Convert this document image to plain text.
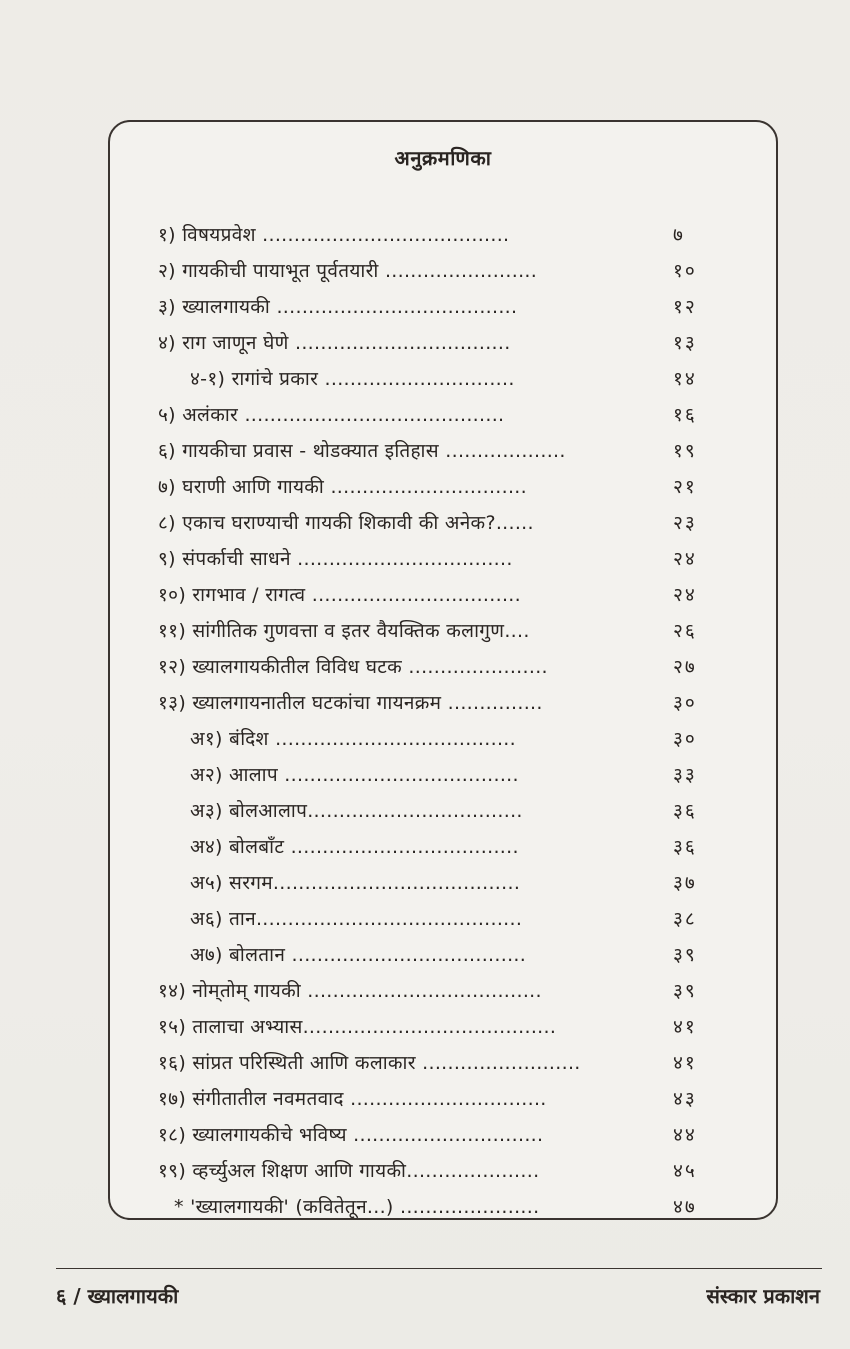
अनुक्रमणिका
१) विषयप्रवेश .......................................	७
२) गायकीची पायाभूत पूर्वतयारी ........................	१०
३) ख्यालगायकी ......................................	१२
४) राग जाणून घेणे ..................................	१३
४-१) रागांचे प्रकार ..............................	१४
५) अलंकार .........................................	१६
६) गायकीचा प्रवास - थोडक्यात इतिहास ...................	१९
७) घराणी आणि गायकी ...............................	२१
८) एकाच घराण्याची गायकी शिकावी की अनेक?......	२३
९) संपर्काची साधने ..................................	२४
१०) रागभाव / रागत्व .................................	२४
११) सांगीतिक गुणवत्ता व इतर वैयक्तिक कलागुण....	२६
१२) ख्यालगायकीतील विविध घटक ......................	२७
१३) ख्यालगायनातील घटकांचा गायनक्रम ...............	३०
अ१) बंदिश ......................................	३०
अ२) आलाप .....................................	३३
अ३) बोलआलाप..................................	३६
अ४) बोलबाँट ....................................	३६
अ५) सरगम.......................................	३७
अ६) तान..........................................	३८
अ७) बोलतान .....................................	३९
१४) नोम्‌तोम्‌ गायकी .....................................	३९
१५) तालाचा अभ्यास........................................	४१
१६) सांप्रत परिस्थिती आणि कलाकार .........................	४१
१७) संगीतातील नवमतवाद ...............................	४३
१८) ख्यालगायकीचे भविष्य ..............................	४४
१९) व्हर्च्युअल शिक्षण आणि गायकी.....................	४५
* 'ख्यालगायकी' (कवितेतून...) ......................	४७
६ / ख्यालगायकी	संस्कार प्रकाशन
